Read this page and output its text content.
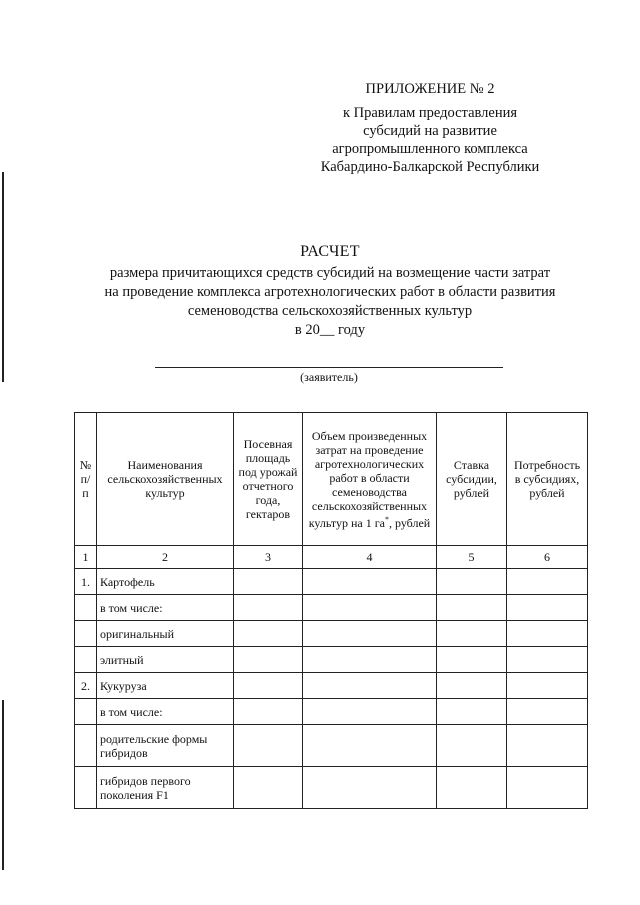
ПРИЛОЖЕНИЕ № 2
к Правилам предоставления
субсидий на развитие
агропромышленного комплекса
Кабардино-Балкарской Республики
РАСЧЕТ
размера причитающихся средств субсидий на возмещение части затрат
на проведение комплекса агротехнологических работ в области развития
семеноводства сельскохозяйственных культур
в 20__ году
(заявитель)
№ п/п	Наименования сельскохозяйственных культур	Посевная площадь под урожай отчетного года, гектаров	Объем произведенных затрат на проведение агротехнологических работ в области семеноводства сельскохозяйственных культур на 1 га*, рублей	Ставка субсидии, рублей	Потребность в субсидиях, рублей
1	2	3	4	5	6
1.	Картофель				
	в том числе:				
	оригинальный				
	элитный				
2.	Кукуруза				
	в том числе:				
	родительские формы гибридов				
	гибридов первого поколения F1				
